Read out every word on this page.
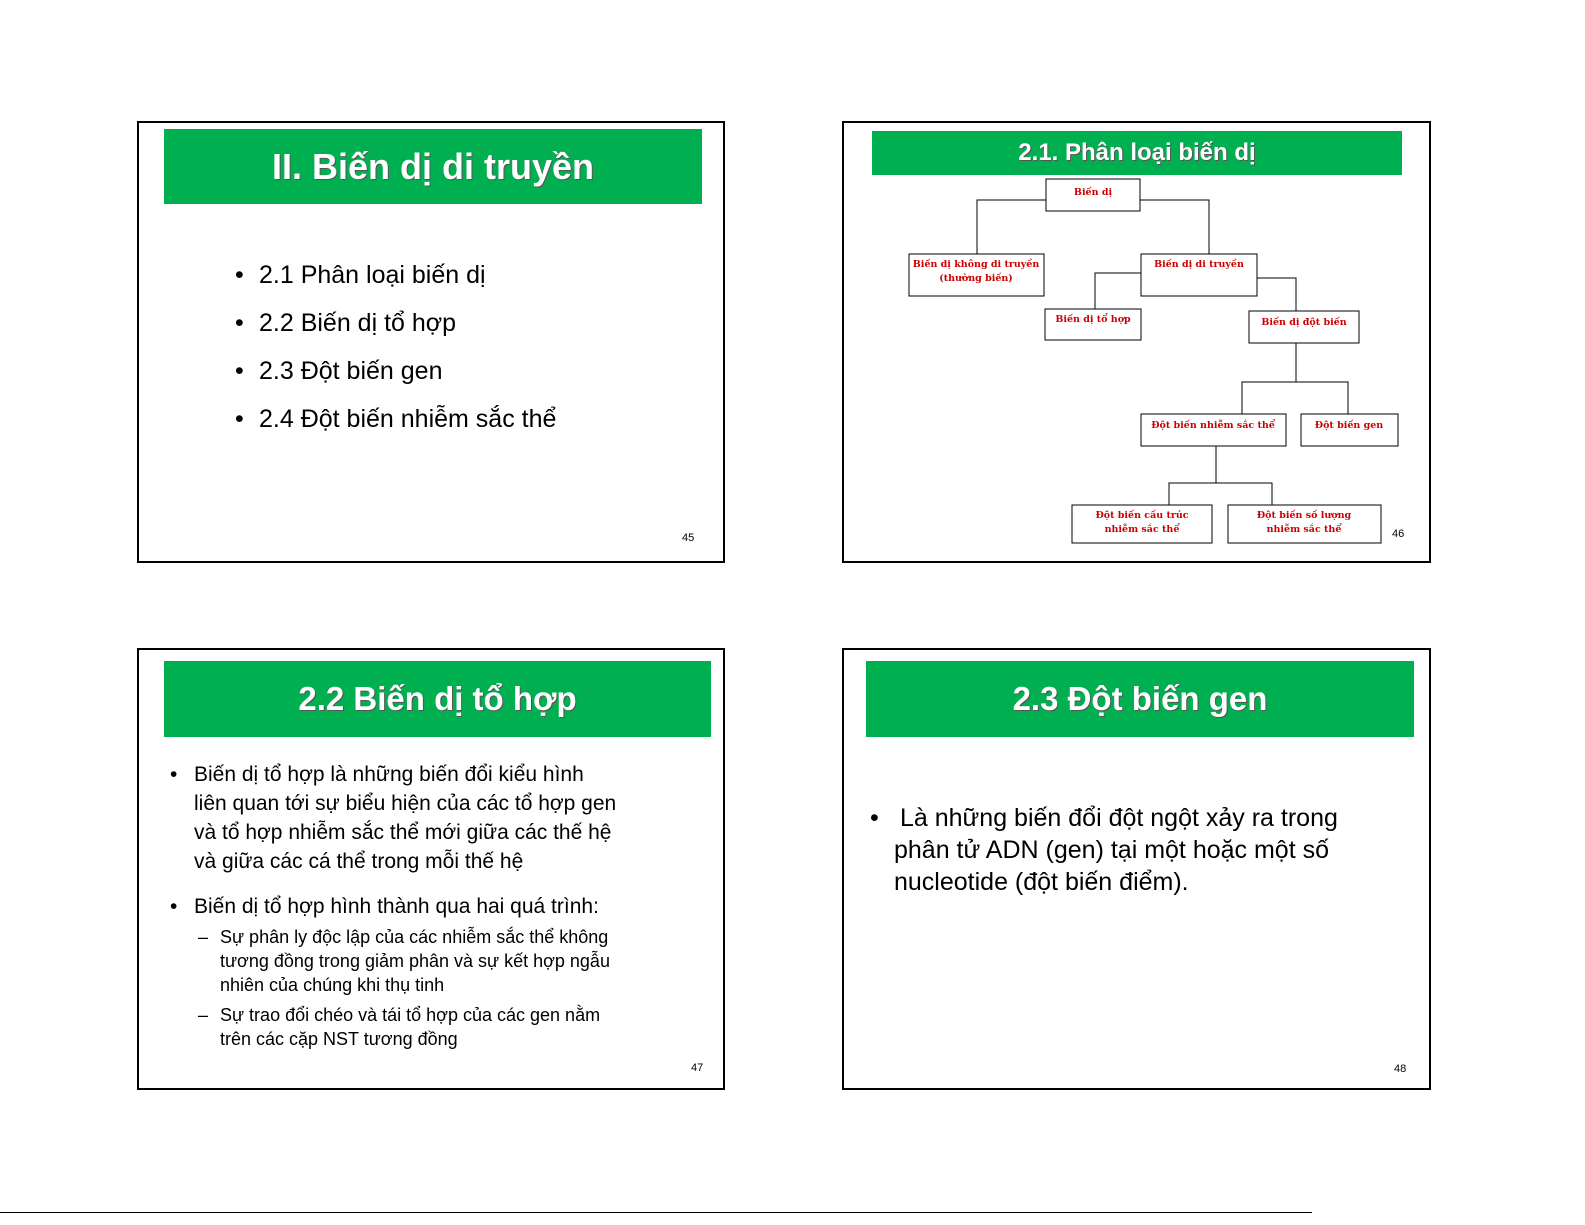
II. Biến dị di truyền
• 2.1 Phân loại biến dị
• 2.2 Biến dị tổ hợp
• 2.3 Đột biến gen
• 2.4 Đột biến nhiễm sắc thể
45
2.1. Phân loại biến dị
Biến dị
Biến dị không di truyền
(thường biến)
Biến dị di truyền
Biến dị tổ hợp	Biến dị đột biến
Đột biến nhiễm sắc thể	Đột biến gen
Đột biến cấu trúc
nhiễm sắc thể
Đột biến số lượng
nhiễm sắc thể	46
2.2 Biến dị tổ hợp
• Biến dị tổ hợp là những biến đổi kiểu hình
liên quan tới sự biểu hiện của các tổ hợp gen
và tổ hợp nhiễm sắc thể mới giữa các thế hệ
và giữa các cá thể trong mỗi thế hệ
• Biến dị tổ hợp hình thành qua hai quá trình:
– Sự phân ly độc lập của các nhiễm sắc thể không
tương đồng trong giảm phân và sự kết hợp ngẫu
nhiên của chúng khi thụ tinh
– Sự trao đổi chéo và tái tổ hợp của các gen nằm
trên các cặp NST tương đồng
47
2.3 Đột biến gen
• Là những biến đổi đột ngột xảy ra trong
phân tử ADN (gen) tại một hoặc một số
nucleotide (đột biến điểm).
48
